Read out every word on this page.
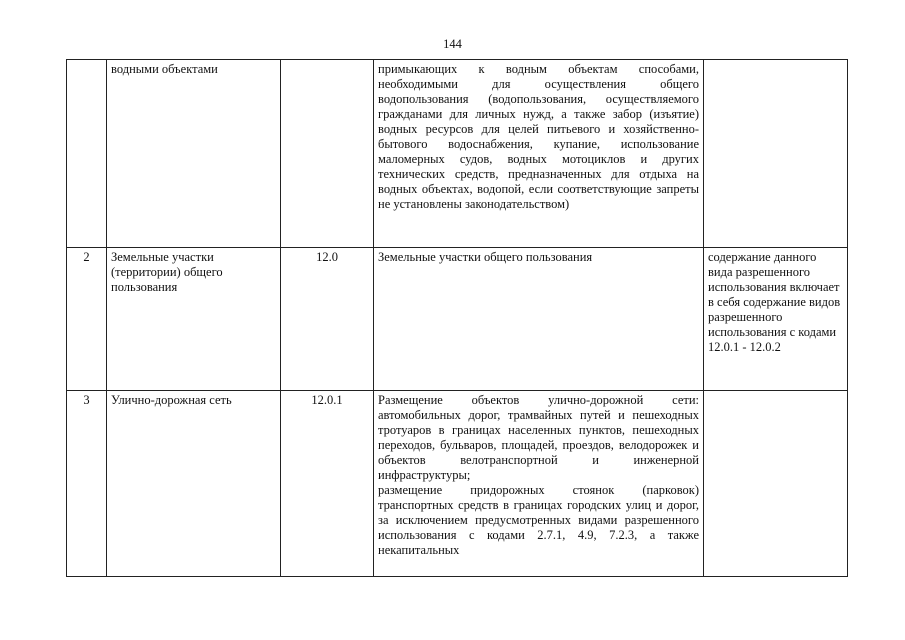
144
	водными объектами		примыкающих к водным объектам способами, необходимыми для осуществления общего водопользования (водопользования, осуществляемого гражданами для личных нужд, а также забор (изъятие) водных ресурсов для целей питьевого и хозяйственно-бытового водоснабжения, купание, использование маломерных судов, водных мотоциклов и других технических средств, предназначенных для отдыха на водных объектах, водопой, если соответствующие запреты не установлены законодательством)	

2	Земельные участки (территории) общего пользования	12.0	Земельные участки общего пользования	содержание данного вида разрешенного использования включает в себя содержание видов разрешенного использования с кодами 12.0.1 - 12.0.2
3	Улично-дорожная сеть	12.0.1	Размещение объектов улично-дорожной сети: автомобильных дорог, трамвайных путей и пешеходных тротуаров в границах населенных пунктов, пешеходных переходов, бульваров, площадей, проездов, велодорожек и объектов велотранспортной и инженерной инфраструктуры;

размещение придорожных стоянок (парковок) транспортных средств в границах городских улиц и дорог, за исключением предусмотренных видами разрешенного использования с кодами 2.7.1, 4.9, 7.2.3, а также некапитальных	
